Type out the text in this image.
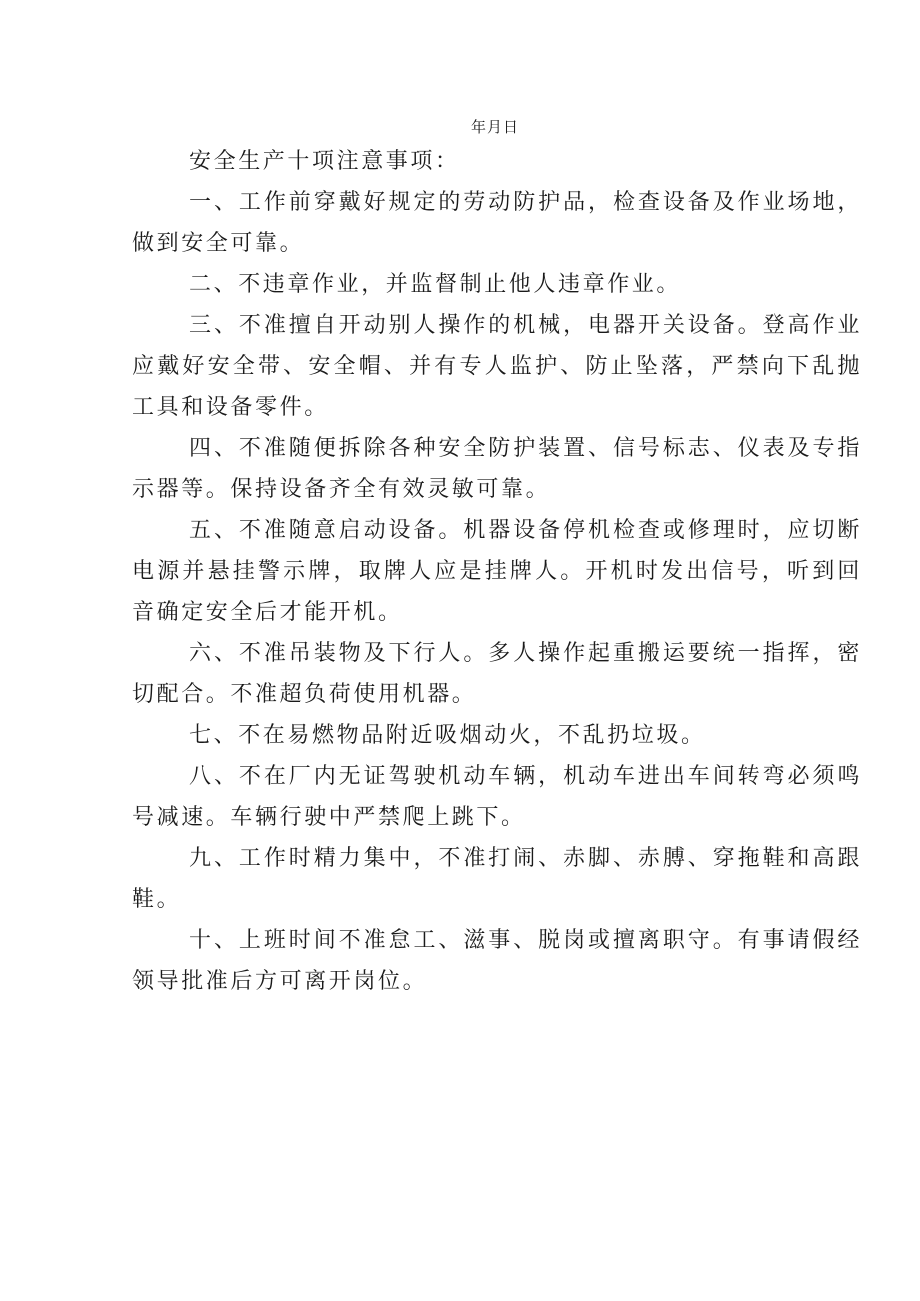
年月日

安全生产十项注意事项：

一、工作前穿戴好规定的劳动防护品，检查设备及作业场地，做到安全可靠。

二、不违章作业，并监督制止他人违章作业。

三、不准擅自开动别人操作的机械，电器开关设备。登高作业应戴好安全带、安全帽、并有专人监护、防止坠落，严禁向下乱抛工具和设备零件。

四、不准随便拆除各种安全防护装置、信号标志、仪表及专指示器等。保持设备齐全有效灵敏可靠。

五、不准随意启动设备。机器设备停机检查或修理时，应切断电源并悬挂警示牌，取牌人应是挂牌人。开机时发出信号，听到回音确定安全后才能开机。

六、不准吊装物及下行人。多人操作起重搬运要统一指挥，密切配合。不准超负荷使用机器。

七、不在易燃物品附近吸烟动火，不乱扔垃圾。

八、不在厂内无证驾驶机动车辆，机动车进出车间转弯必须鸣号减速。车辆行驶中严禁爬上跳下。

九、工作时精力集中，不准打闹、赤脚、赤膊、穿拖鞋和高跟鞋。

十、上班时间不准怠工、滋事、脱岗或擅离职守。有事请假经领导批准后方可离开岗位。
